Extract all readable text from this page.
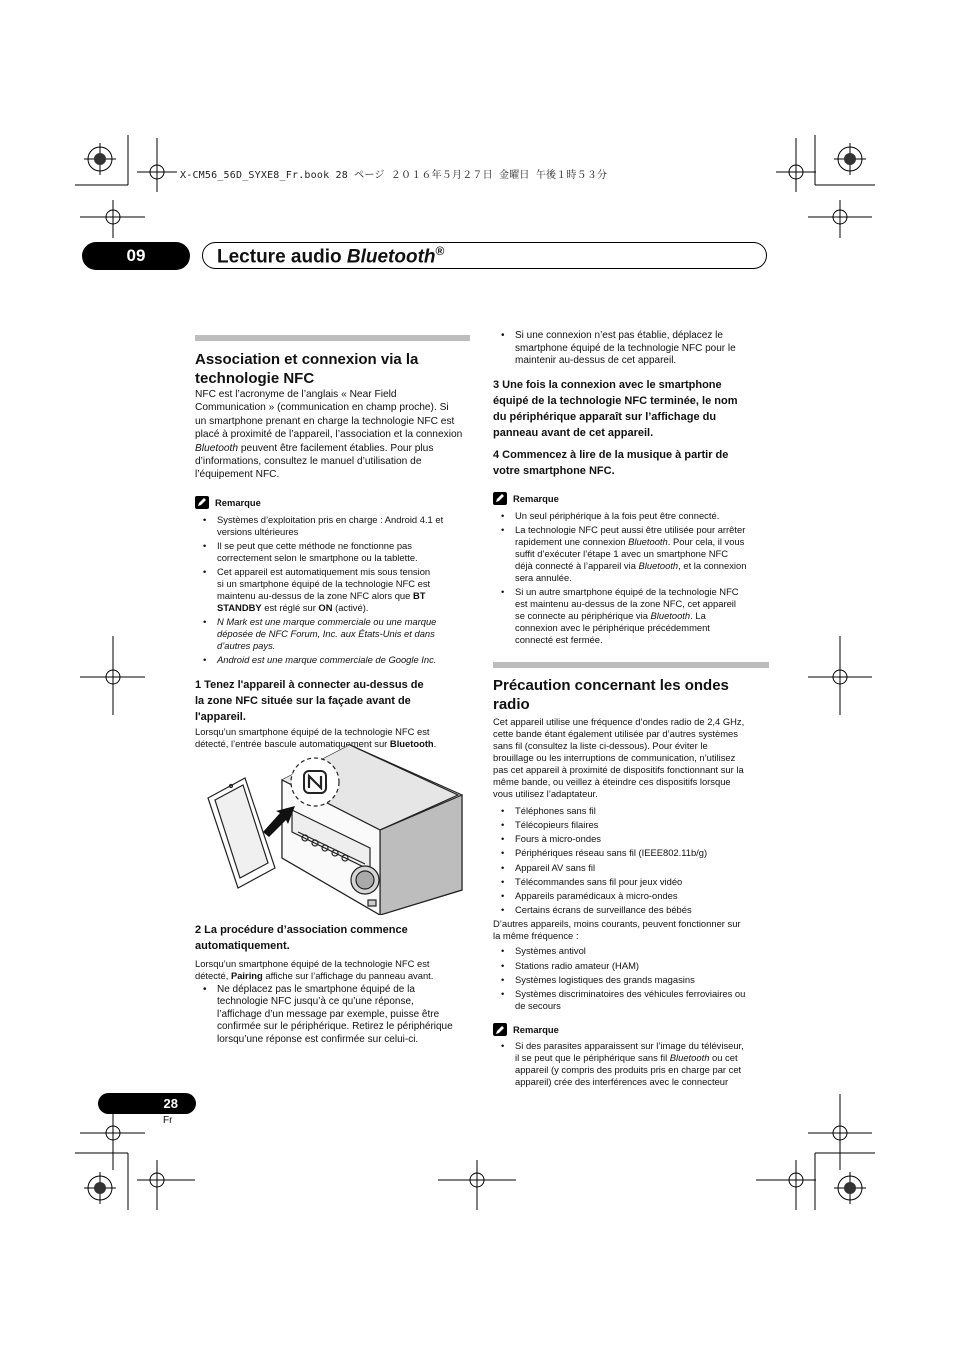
X-CM56_56D_SYXE8_Fr.book 28 ページ ２０１６年５月２７日 金曜日 午後１時５３分
09	Lecture audio Bluetooth®
Association et connexion via la
technologie NFC
NFC est l’acronyme de l’anglais « Near Field
Communication » (communication en champ proche). Si
un smartphone prenant en charge la technologie NFC est
placé à proximité de l’appareil, l’association et la connexion
Bluetooth peuvent être facilement établies. Pour plus
d’informations, consultez le manuel d’utilisation de
l’équipement NFC.
Remarque
• Systèmes d’exploitation pris en charge : Android 4.1 et
versions ultérieures
• Il se peut que cette méthode ne fonctionne pas
correctement selon le smartphone ou la tablette.
• Cet appareil est automatiquement mis sous tension
si un smartphone équipé de la technologie NFC est
maintenu au-dessus de la zone NFC alors que BT
STANDBY est réglé sur ON (activé).
• N Mark est une marque commerciale ou une marque
déposée de NFC Forum, Inc. aux États-Unis et dans
d’autres pays.
• Android est une marque commerciale de Google Inc.
1 Tenez l'appareil à connecter au-dessus de
la zone NFC située sur la façade avant de
l'appareil.
Lorsqu’un smartphone équipé de la technologie NFC est
détecté, l’entrée bascule automatiquement sur Bluetooth.
2 La procédure d’association commence
automatiquement.
Lorsqu’un smartphone équipé de la technologie NFC est
détecté, Pairing affiche sur l’affichage du panneau avant.
• Ne déplacez pas le smartphone équipé de la
technologie NFC jusqu’à ce qu’une réponse,
l’affichage d’un message par exemple, puisse être
confirmée sur le périphérique. Retirez le périphérique
lorsqu’une réponse est confirmée sur celui-ci.
• Si une connexion n’est pas établie, déplacez le
smartphone équipé de la technologie NFC pour le
maintenir au-dessus de cet appareil.
3 Une fois la connexion avec le smartphone
équipé de la technologie NFC terminée, le nom
du périphérique apparaît sur l’affichage du
panneau avant de cet appareil.
4 Commencez à lire de la musique à partir de
votre smartphone NFC.
Remarque
• Un seul périphérique à la fois peut être connecté.
• La technologie NFC peut aussi être utilisée pour arrêter
rapidement une connexion Bluetooth. Pour cela, il vous
suffit d’exécuter l’étape 1 avec un smartphone NFC
déjà connecté à l’appareil via Bluetooth, et la connexion
sera annulée.
• Si un autre smartphone équipé de la technologie NFC
est maintenu au-dessus de la zone NFC, cet appareil
se connecte au périphérique via Bluetooth. La
connexion avec le périphérique précédemment
connecté est fermée.
Précaution concernant les ondes
radio
Cet appareil utilise une fréquence d’ondes radio de 2,4 GHz,
cette bande étant également utilisée par d’autres systèmes
sans fil (consultez la liste ci-dessous). Pour éviter le
brouillage ou les interruptions de communication, n’utilisez
pas cet appareil à proximité de dispositifs fonctionnant sur la
même bande, ou veillez à éteindre ces dispositifs lorsque
vous utilisez l’adaptateur.
• Téléphones sans fil
• Télécopieurs filaires
• Fours à micro-ondes
• Périphériques réseau sans fil (IEEE802.11b/g)
• Appareil AV sans fil
• Télécommandes sans fil pour jeux vidéo
• Appareils paramédicaux à micro-ondes
• Certains écrans de surveillance des bébés
D’autres appareils, moins courants, peuvent fonctionner sur
la même fréquence :
• Systèmes antivol
• Stations radio amateur (HAM)
• Systèmes logistiques des grands magasins
• Systèmes discriminatoires des véhicules ferroviaires ou
de secours
Remarque
• Si des parasites apparaissent sur l’image du téléviseur,
il se peut que le périphérique sans fil Bluetooth ou cet
appareil (y compris des produits pris en charge par cet
appareil) crée des interférences avec le connecteur
28
Fr
